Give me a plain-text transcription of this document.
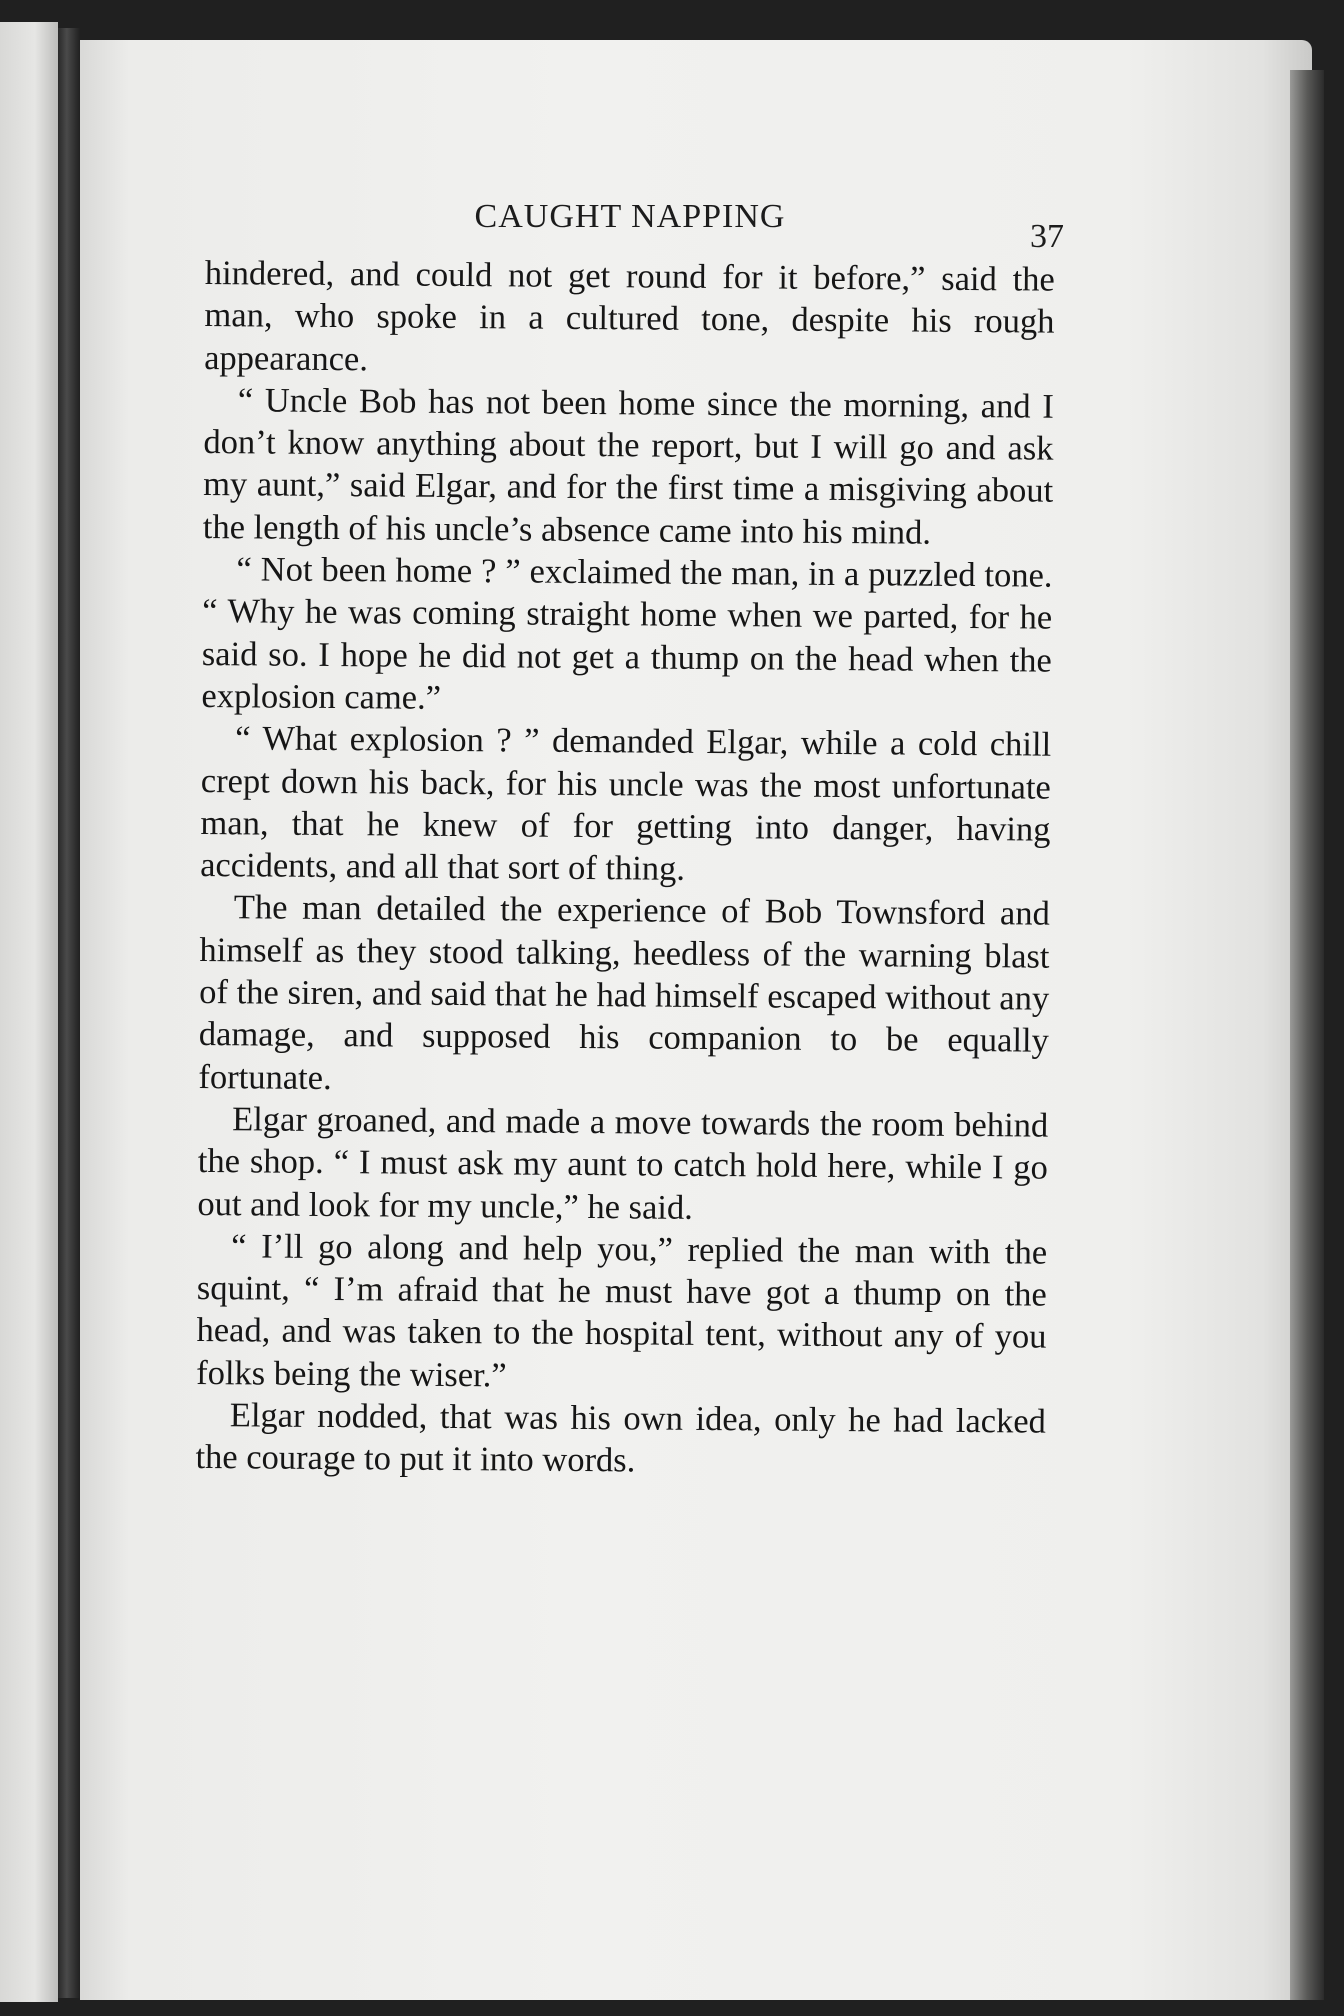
CAUGHT NAPPING
37

hindered, and could not get round for it before,” said the man, who spoke in a cultured tone, despite his rough appearance.

“ Uncle Bob has not been home since the morning, and I don’t know anything about the report, but I will go and ask my aunt,” said Elgar, and for the first time a misgiving about the length of his uncle’s absence came into his mind.

“ Not been home ? ” exclaimed the man, in a puzzled tone. “ Why he was coming straight home when we parted, for he said so. I hope he did not get a thump on the head when the explosion came.”

“ What explosion ? ” demanded Elgar, while a cold chill crept down his back, for his uncle was the most unfortunate man, that he knew of for getting into danger, having accidents, and all that sort of thing.

The man detailed the experience of Bob Townsford and himself as they stood talking, heedless of the warning blast of the siren, and said that he had himself escaped without any damage, and supposed his companion to be equally fortunate.

Elgar groaned, and made a move towards the room behind the shop. “ I must ask my aunt to catch hold here, while I go out and look for my uncle,” he said.

“ I’ll go along and help you,” replied the man with the squint, “ I’m afraid that he must have got a thump on the head, and was taken to the hospital tent, without any of you folks being the wiser.”

Elgar nodded, that was his own idea, only he had lacked the courage to put it into words.
